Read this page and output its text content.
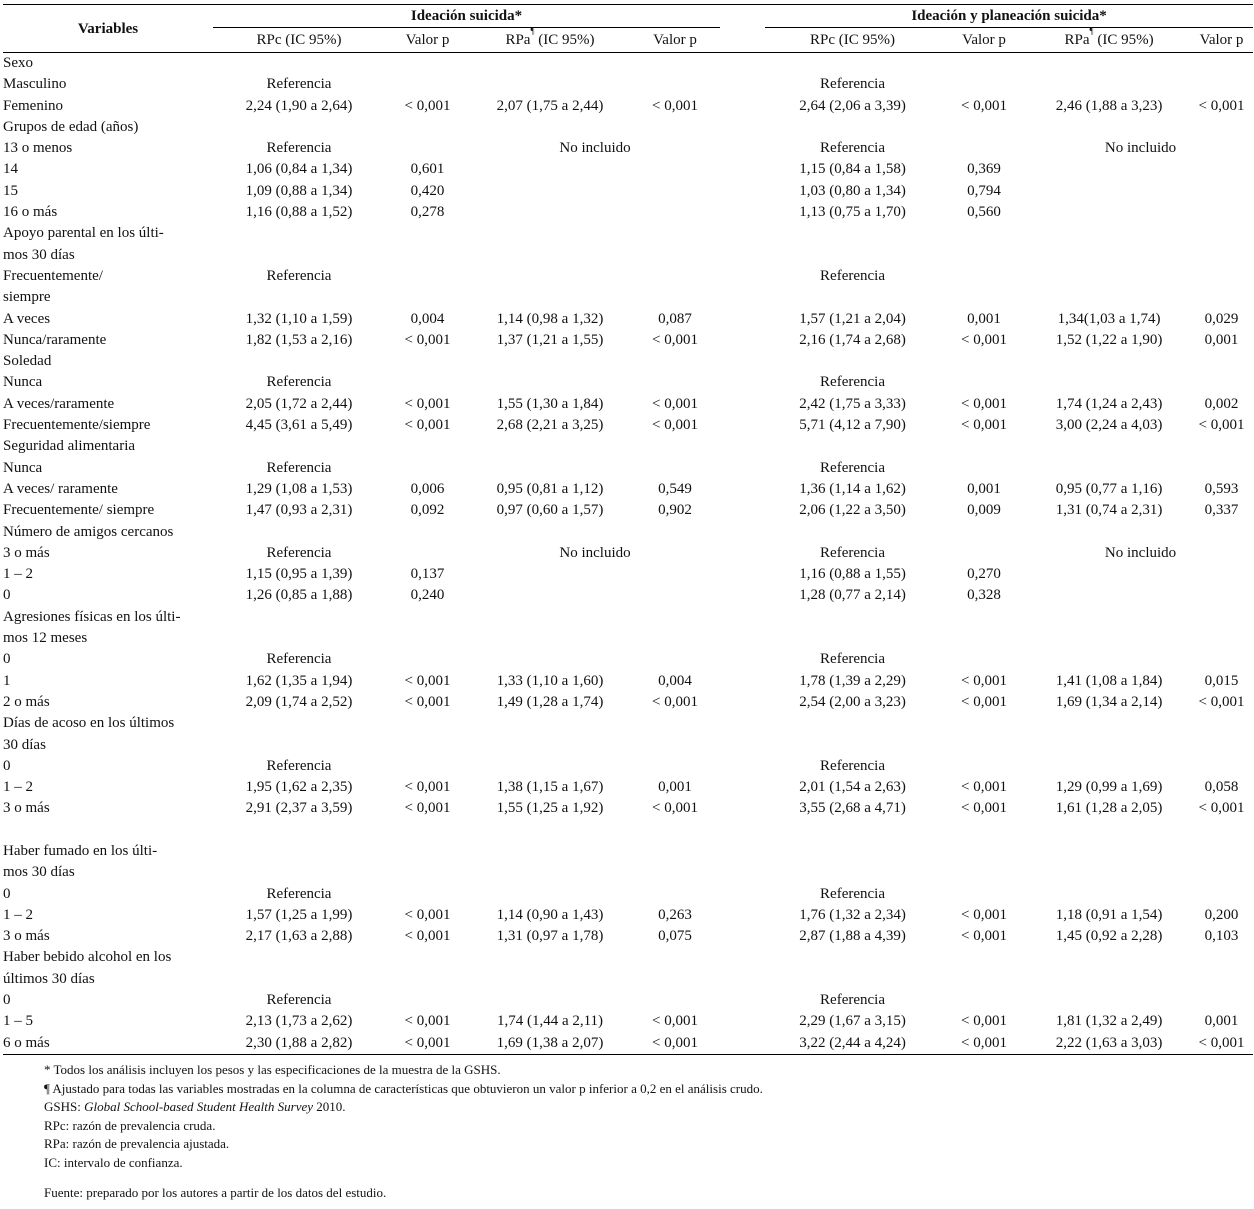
Variables	Ideación suicida*					Ideación y planeación suicida*			
	RPc (IC 95%)	Valor p	RPa¶ (IC 95%)	Valor p		RPc (IC 95%)	Valor p	RPa¶ (IC 95%)	Valor p
Sexo									
Masculino	Referencia					Referencia			
Femenino	2,24 (1,90 a 2,64)	< 0,001	2,07 (1,75 a 2,44)	< 0,001		2,64 (2,06 a 3,39)	< 0,001	2,46 (1,88 a 3,23)	< 0,001
Grupos de edad (años)									
13 o menos	Referencia		No incluido			Referencia		No incluido	
14	1,06 (0,84 a 1,34)	0,601				1,15 (0,84 a 1,58)	0,369		
15	1,09 (0,88 a 1,34)	0,420				1,03 (0,80 a 1,34)	0,794		
16 o más	1,16 (0,88 a 1,52)	0,278				1,13 (0,75 a 1,70)	0,560		
Apoyo parental en los últi-									
mos 30 días									
Frecuentemente/	Referencia					Referencia			
siempre									
A veces	1,32 (1,10 a 1,59)	0,004	1,14 (0,98 a 1,32)	0,087		1,57 (1,21 a 2,04)	0,001	1,34(1,03 a 1,74)	0,029
Nunca/raramente	1,82 (1,53 a 2,16)	< 0,001	1,37 (1,21 a 1,55)	< 0,001		2,16 (1,74 a 2,68)	< 0,001	1,52 (1,22 a 1,90)	0,001
Soledad									
Nunca	Referencia					Referencia			
A veces/raramente	2,05 (1,72 a 2,44)	< 0,001	1,55 (1,30 a 1,84)	< 0,001		2,42 (1,75 a 3,33)	< 0,001	1,74 (1,24 a 2,43)	0,002
Frecuentemente/siempre	4,45 (3,61 a 5,49)	< 0,001	2,68 (2,21 a 3,25)	< 0,001		5,71 (4,12 a 7,90)	< 0,001	3,00 (2,24 a 4,03)	< 0,001
Seguridad alimentaria									
Nunca	Referencia					Referencia			
A veces/ raramente	1,29 (1,08 a 1,53)	0,006	0,95 (0,81 a 1,12)	0,549		1,36 (1,14 a 1,62)	0,001	0,95 (0,77 a 1,16)	0,593
Frecuentemente/ siempre	1,47 (0,93 a 2,31)	0,092	0,97 (0,60 a 1,57)	0,902		2,06 (1,22 a 3,50)	0,009	1,31 (0,74 a 2,31)	0,337
Número de amigos cercanos									
3 o más	Referencia		No incluido			Referencia		No incluido	
1 – 2	1,15 (0,95 a 1,39)	0,137				1,16 (0,88 a 1,55)	0,270		
0	1,26 (0,85 a 1,88)	0,240				1,28 (0,77 a 2,14)	0,328		
Agresiones físicas en los últi-									
mos 12 meses									
0	Referencia					Referencia			
1	1,62 (1,35 a 1,94)	< 0,001	1,33 (1,10 a 1,60)	0,004		1,78 (1,39 a 2,29)	< 0,001	1,41 (1,08 a 1,84)	0,015
2 o más	2,09 (1,74 a 2,52)	< 0,001	1,49 (1,28 a 1,74)	< 0,001		2,54 (2,00 a 3,23)	< 0,001	1,69 (1,34 a 2,14)	< 0,001
Días de acoso en los últimos									
30 días									
0	Referencia					Referencia			
1 – 2	1,95 (1,62 a 2,35)	< 0,001	1,38 (1,15 a 1,67)	0,001		2,01 (1,54 a 2,63)	< 0,001	1,29 (0,99 a 1,69)	0,058
3 o más	2,91 (2,37 a 3,59)	< 0,001	1,55 (1,25 a 1,92)	< 0,001		3,55 (2,68 a 4,71)	< 0,001	1,61 (1,28 a 2,05)	< 0,001

Haber fumado en los últi-									
mos 30 días									
0	Referencia					Referencia			
1 – 2	1,57 (1,25 a 1,99)	< 0,001	1,14 (0,90 a 1,43)	0,263		1,76 (1,32 a 2,34)	< 0,001	1,18 (0,91 a 1,54)	0,200
3 o más	2,17 (1,63 a 2,88)	< 0,001	1,31 (0,97 a 1,78)	0,075		2,87 (1,88 a 4,39)	< 0,001	1,45 (0,92 a 2,28)	0,103
Haber bebido alcohol en los									
últimos 30 días									
0	Referencia					Referencia			
1 – 5	2,13 (1,73 a 2,62)	< 0,001	1,74 (1,44 a 2,11)	< 0,001		2,29 (1,67 a 3,15)	< 0,001	1,81 (1,32 a 2,49)	0,001
6 o más	2,30 (1,88 a 2,82)	< 0,001	1,69 (1,38 a 2,07)	< 0,001		3,22 (2,44 a 4,24)	< 0,001	2,22 (1,63 a 3,03)	< 0,001
* Todos los análisis incluyen los pesos y las especificaciones de la muestra de la GSHS.
¶ Ajustado para todas las variables mostradas en la columna de características que obtuvieron un valor p inferior a 0,2 en el análisis crudo.
GSHS: Global School-based Student Health Survey 2010.
RPc: razón de prevalencia cruda.
RPa: razón de prevalencia ajustada.
IC: intervalo de confianza.
Fuente: preparado por los autores a partir de los datos del estudio.
